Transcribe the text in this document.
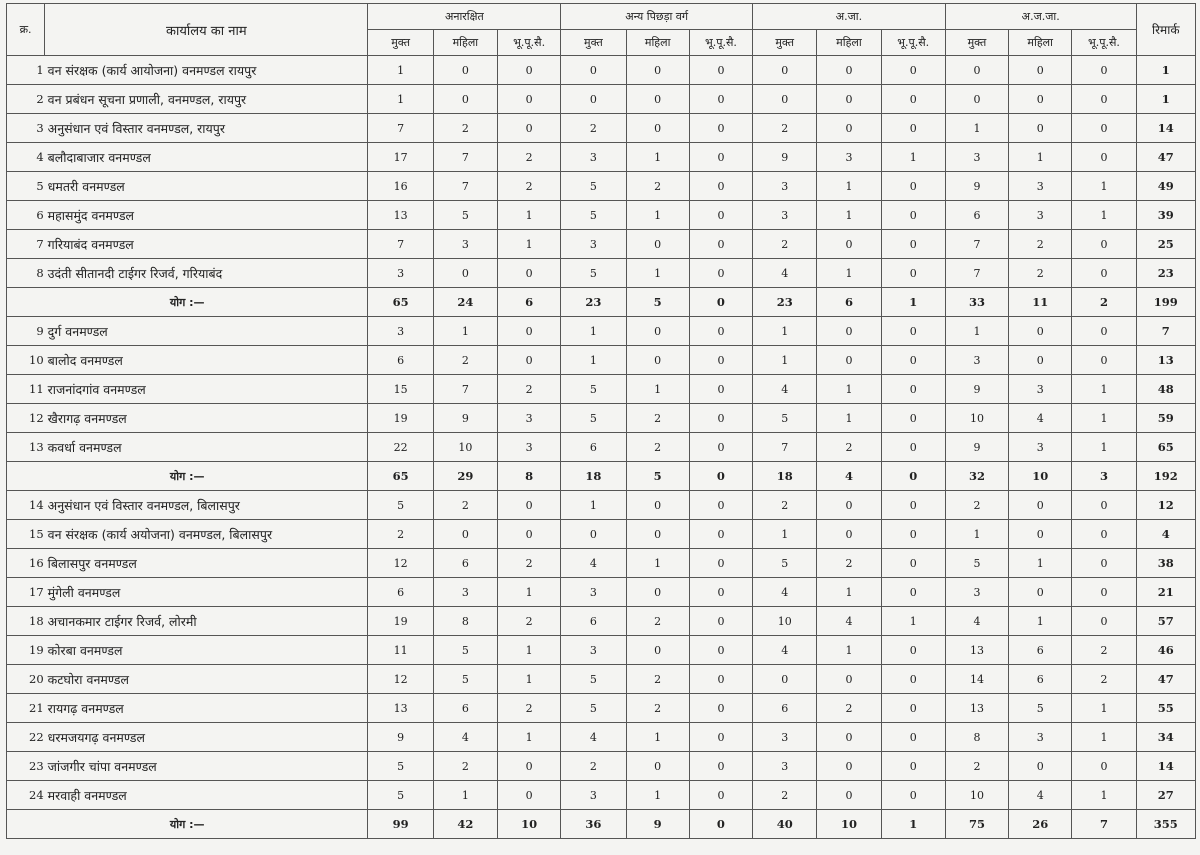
क्र.	कार्यालय का नाम	अनारक्षित			अन्य पिछड़ा वर्ग			अ.जा.			अ.ज.जा.			रिमार्क
		मुक्त	महिला	भू.पू.सै.	मुक्त	महिला	भू.पू.सै.	मुक्त	महिला	भू.पू.सै.	मुक्त	महिला	भू.पू.सै.	
1	वन संरक्षक (कार्य आयोजना) वनमण्डल रायपुर	1	0	0	0	0	0	0	0	0	0	0	0	1
2	वन प्रबंधन सूचना प्रणाली, वनमण्डल, रायपुर	1	0	0	0	0	0	0	0	0	0	0	0	1
3	अनुसंधान एवं विस्तार वनमण्डल, रायपुर	7	2	0	2	0	0	2	0	0	1	0	0	14
4	बलौदाबाजार वनमण्डल	17	7	2	3	1	0	9	3	1	3	1	0	47
5	धमतरी वनमण्डल	16	7	2	5	2	0	3	1	0	9	3	1	49
6	महासमुंद वनमण्डल	13	5	1	5	1	0	3	1	0	6	3	1	39
7	गरियाबंद वनमण्डल	7	3	1	3	0	0	2	0	0	7	2	0	25
8	उदंती सीतानदी टाईगर रिजर्व, गरियाबंद	3	0	0	5	1	0	4	1	0	7	2	0	23
योग :—		65	24	6	23	5	0	23	6	1	33	11	2	199
9	दुर्ग वनमण्डल	3	1	0	1	0	0	1	0	0	1	0	0	7
10	बालोद वनमण्डल	6	2	0	1	0	0	1	0	0	3	0	0	13
11	राजनांदगांव वनमण्डल	15	7	2	5	1	0	4	1	0	9	3	1	48
12	खैरागढ़ वनमण्डल	19	9	3	5	2	0	5	1	0	10	4	1	59
13	कवर्धा वनमण्डल	22	10	3	6	2	0	7	2	0	9	3	1	65
योग :—		65	29	8	18	5	0	18	4	0	32	10	3	192
14	अनुसंधान एवं विस्तार वनमण्डल, बिलासपुर	5	2	0	1	0	0	2	0	0	2	0	0	12
15	वन संरक्षक (कार्य अयोजना) वनमण्डल, बिलासपुर	2	0	0	0	0	0	1	0	0	1	0	0	4
16	बिलासपुर वनमण्डल	12	6	2	4	1	0	5	2	0	5	1	0	38
17	मुंगेली वनमण्डल	6	3	1	3	0	0	4	1	0	3	0	0	21
18	अचानकमार टाईगर रिजर्व, लोरमी	19	8	2	6	2	0	10	4	1	4	1	0	57
19	कोरबा वनमण्डल	11	5	1	3	0	0	4	1	0	13	6	2	46
20	कटघोरा वनमण्डल	12	5	1	5	2	0	0	0	0	14	6	2	47
21	रायगढ़ वनमण्डल	13	6	2	5	2	0	6	2	0	13	5	1	55
22	धरमजयगढ़ वनमण्डल	9	4	1	4	1	0	3	0	0	8	3	1	34
23	जांजगीर चांपा वनमण्डल	5	2	0	2	0	0	3	0	0	2	0	0	14
24	मरवाही वनमण्डल	5	1	0	3	1	0	2	0	0	10	4	1	27
योग :—		99	42	10	36	9	0	40	10	1	75	26	7	355
